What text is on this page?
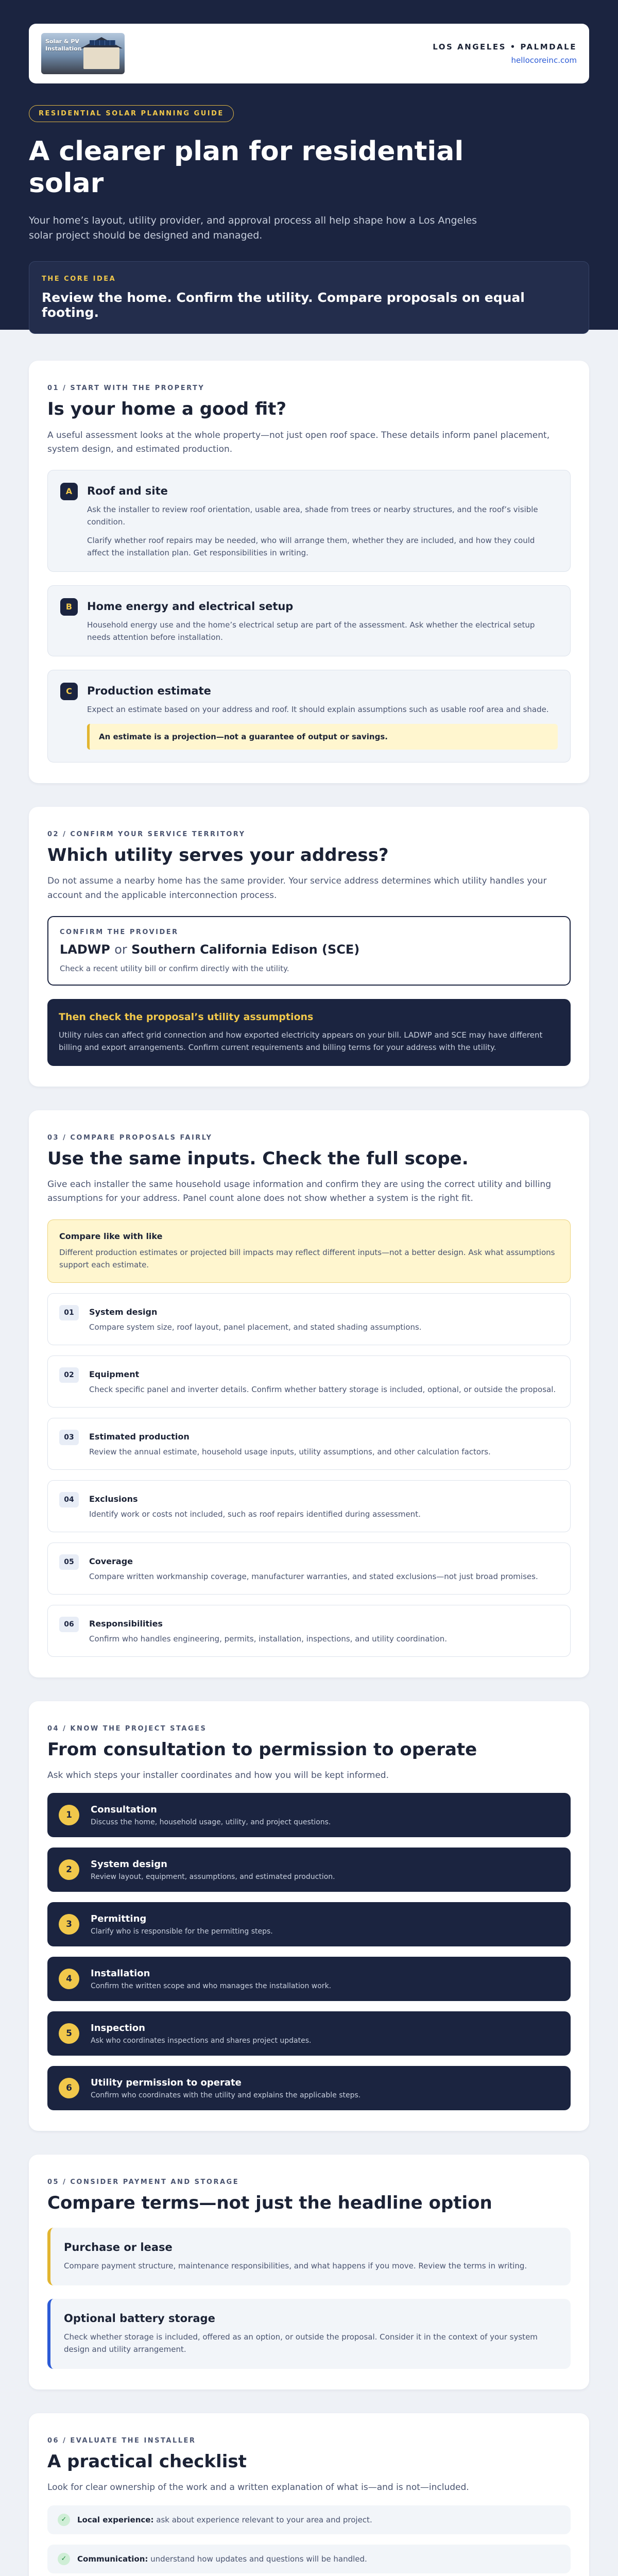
Solar & PV Installation	LOS ANGELES • PALMDALE
hellocoreinc.com
RESIDENTIAL SOLAR PLANNING GUIDE
A clearer plan for residential solar

Your home’s layout, utility provider, and approval process all help shape how a Los Angeles solar project should be designed and managed.

THE CORE IDEA
Review the home. Confirm the utility. Compare proposals on equal footing.
01 / START WITH THE PROPERTY
Is your home a good fit?

A useful assessment looks at the whole property—not just open roof space. These details inform panel placement, system design, and estimated production.

A	Roof and site

Ask the installer to review roof orientation, usable area, shade from trees or nearby structures, and the roof’s visible condition.

Clarify whether roof repairs may be needed, who will arrange them, whether they are included, and how they could affect the installation plan. Get responsibilities in writing.

B	Home energy and electrical setup

Household energy use and the home’s electrical setup are part of the assessment. Ask whether the electrical setup needs attention before installation.

C	Production estimate

Expect an estimate based on your address and roof. It should explain assumptions such as usable roof area and shade.

An estimate is a projection—not a guarantee of output or savings.
02 / CONFIRM YOUR SERVICE TERRITORY
Which utility serves your address?

Do not assume a nearby home has the same provider. Your service address determines which utility handles your account and the applicable interconnection process.

CONFIRM THE PROVIDER
LADWP or Southern California Edison (SCE)
Check a recent utility bill or confirm directly with the utility.
Then check the proposal’s utility assumptions

Utility rules can affect grid connection and how exported electricity appears on your bill. LADWP and SCE may have different billing and export arrangements. Confirm current requirements and billing terms for your address with the utility.

03 / COMPARE PROPOSALS FAIRLY
Use the same inputs. Check the full scope.

Give each installer the same household usage information and confirm they are using the correct utility and billing assumptions for your address. Panel count alone does not show whether a system is the right fit.

Compare like with like

Different production estimates or projected bill impacts may reflect different inputs—not a better design. Ask what assumptions support each estimate.

01	System design

Compare system size, roof layout, panel placement, and stated shading assumptions.

02	Equipment

Check specific panel and inverter details. Confirm whether battery storage is included, optional, or outside the proposal.

03	Estimated production

Review the annual estimate, household usage inputs, utility assumptions, and other calculation factors.

04	Exclusions

Identify work or costs not included, such as roof repairs identified during assessment.

05	Coverage

Compare written workmanship coverage, manufacturer warranties, and stated exclusions—not just broad promises.

06	Responsibilities

Confirm who handles engineering, permits, installation, inspections, and utility coordination.

04 / KNOW THE PROJECT STAGES
From consultation to permission to operate

Ask which steps your installer coordinates and how you will be kept informed.

1
Consultation
Discuss the home, household usage, utility, and project questions.
2
System design
Review layout, equipment, assumptions, and estimated production.
3
Permitting
Clarify who is responsible for the permitting steps.
4
Installation
Confirm the written scope and who manages the installation work.
5
Inspection
Ask who coordinates inspections and shares project updates.
6
Utility permission to operate
Confirm who coordinates with the utility and explains the applicable steps.
05 / CONSIDER PAYMENT AND STORAGE
Compare terms—not just the headline option
Purchase or lease

Compare payment structure, maintenance responsibilities, and what happens if you move. Review the terms in writing.

Optional battery storage

Check whether storage is included, offered as an option, or outside the proposal. Consider it in the context of your system design and utility arrangement.

06 / EVALUATE THE INSTALLER
A practical checklist

Look for clear ownership of the work and a written explanation of what is—and is not—included.

✓	Local experience: ask about experience relevant to your area and project.
✓	Communication: understand how updates and questions will be handled.
